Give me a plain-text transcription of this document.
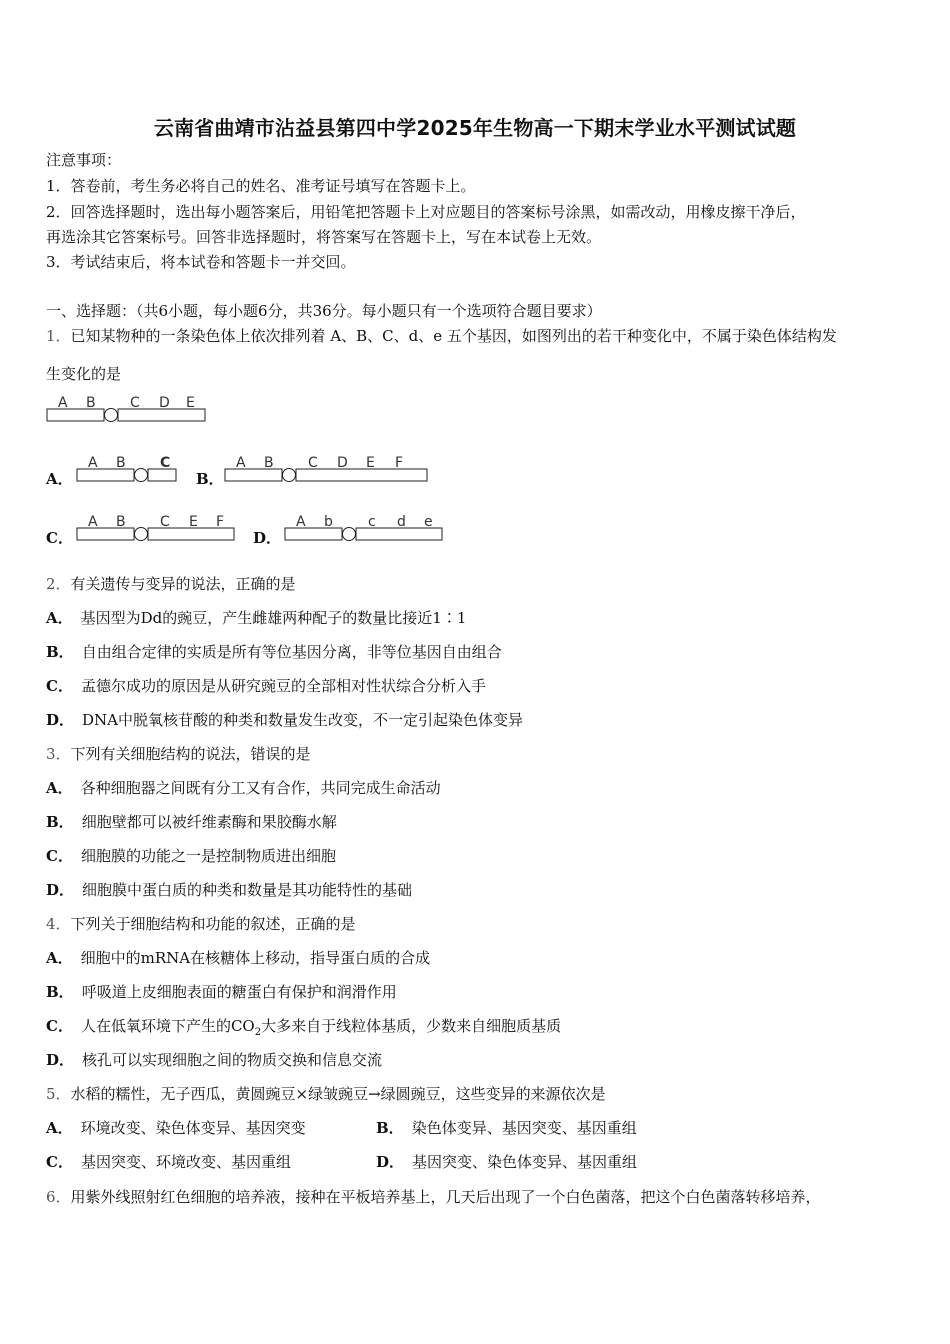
云南省曲靖市沾益县第四中学2025年生物高一下期末学业水平测试试题
注意事项：
1．答卷前，考生务必将自己的姓名、准考证号填写在答题卡上。
2．回答选择题时，选出每小题答案后，用铅笔把答题卡上对应题目的答案标号涂黑，如需改动，用橡皮擦干净后，
再选涂其它答案标号。回答非选择题时，将答案写在答题卡上，写在本试卷上无效。
3．考试结束后，将本试卷和答题卡一并交回。
一、选择题：（共6小题，每小题6分，共36分。每小题只有一个选项符合题目要求）
1．已知某物种的一条染色体上依次排列着 A、B、C、d、e 五个基因，如图列出的若干种变化中，不属于染色体结构发
生变化的是
A B C D E
A．
A B C
B．
A B C D E F
C．
A B C E F
D．
A b	c d e
2．有关遗传与变异的说法，正确的是
A． 基因型为Dd的豌豆，产生雌雄两种配子的数量比接近1∶1
B． 自由组合定律的实质是所有等位基因分离，非等位基因自由组合
C． 孟德尔成功的原因是从研究豌豆的全部相对性状综合分析入手
D． DNA中脱氧核苷酸的种类和数量发生改变，不一定引起染色体变异
3．下列有关细胞结构的说法，错误的是
A． 各种细胞器之间既有分工又有合作，共同完成生命活动
B． 细胞壁都可以被纤维素酶和果胶酶水解
C． 细胞膜的功能之一是控制物质进出细胞
D． 细胞膜中蛋白质的种类和数量是其功能特性的基础
4．下列关于细胞结构和功能的叙述，正确的是
A． 细胞中的mRNA在核糖体上移动，指导蛋白质的合成
B． 呼吸道上皮细胞表面的糖蛋白有保护和润滑作用
C． 人在低氧环境下产生的$CO_2$大多来自于线粒体基质，少数来自细胞质基质
D． 核孔可以实现细胞之间的物质交换和信息交流
5．水稻的糯性，无子西瓜，黄圆豌豆×绿皱豌豆→绿圆豌豆，这些变异的来源依次是
A． 环境改变、染色体变异、基因突变	B． 染色体变异、基因突变、基因重组
C． 基因突变、环境改变、基因重组	D． 基因突变、染色体变异、基因重组
6．用紫外线照射红色细胞的培养液，接种在平板培养基上，几天后出现了一个白色菌落，把这个白色菌落转移培养，
